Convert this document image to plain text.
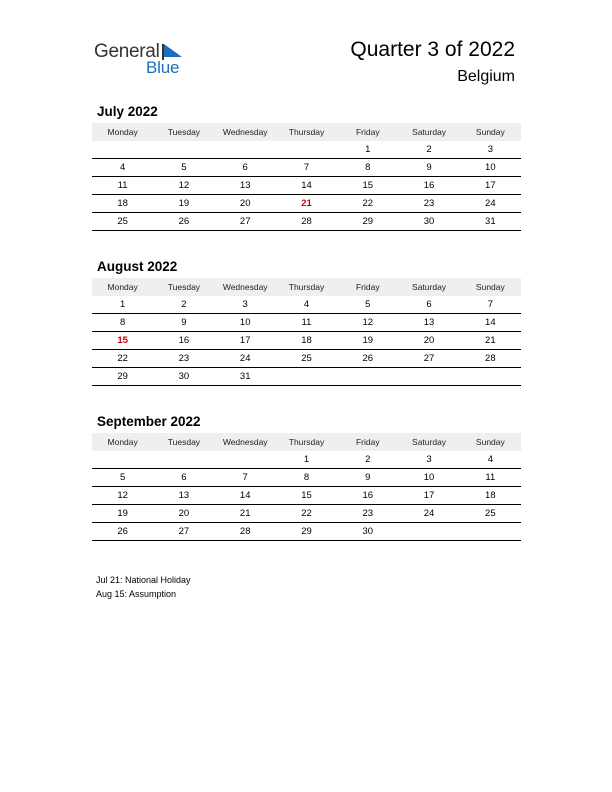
General
Blue
Quarter 3 of 2022
Belgium
July 2022
Monday	Tuesday	Wednesday	Thursday	Friday	Saturday	Sunday
				1	2	3
4	5	6	7	8	9	10
11	12	13	14	15	16	17
18	19	20	21	22	23	24
25	26	27	28	29	30	31
August 2022
Monday	Tuesday	Wednesday	Thursday	Friday	Saturday	Sunday
1	2	3	4	5	6	7
8	9	10	11	12	13	14
15	16	17	18	19	20	21
22	23	24	25	26	27	28
29	30	31				
September 2022
Monday	Tuesday	Wednesday	Thursday	Friday	Saturday	Sunday
			1	2	3	4
5	6	7	8	9	10	11
12	13	14	15	16	17	18
19	20	21	22	23	24	25
26	27	28	29	30		
Jul 21: National Holiday
Aug 15: Assumption
